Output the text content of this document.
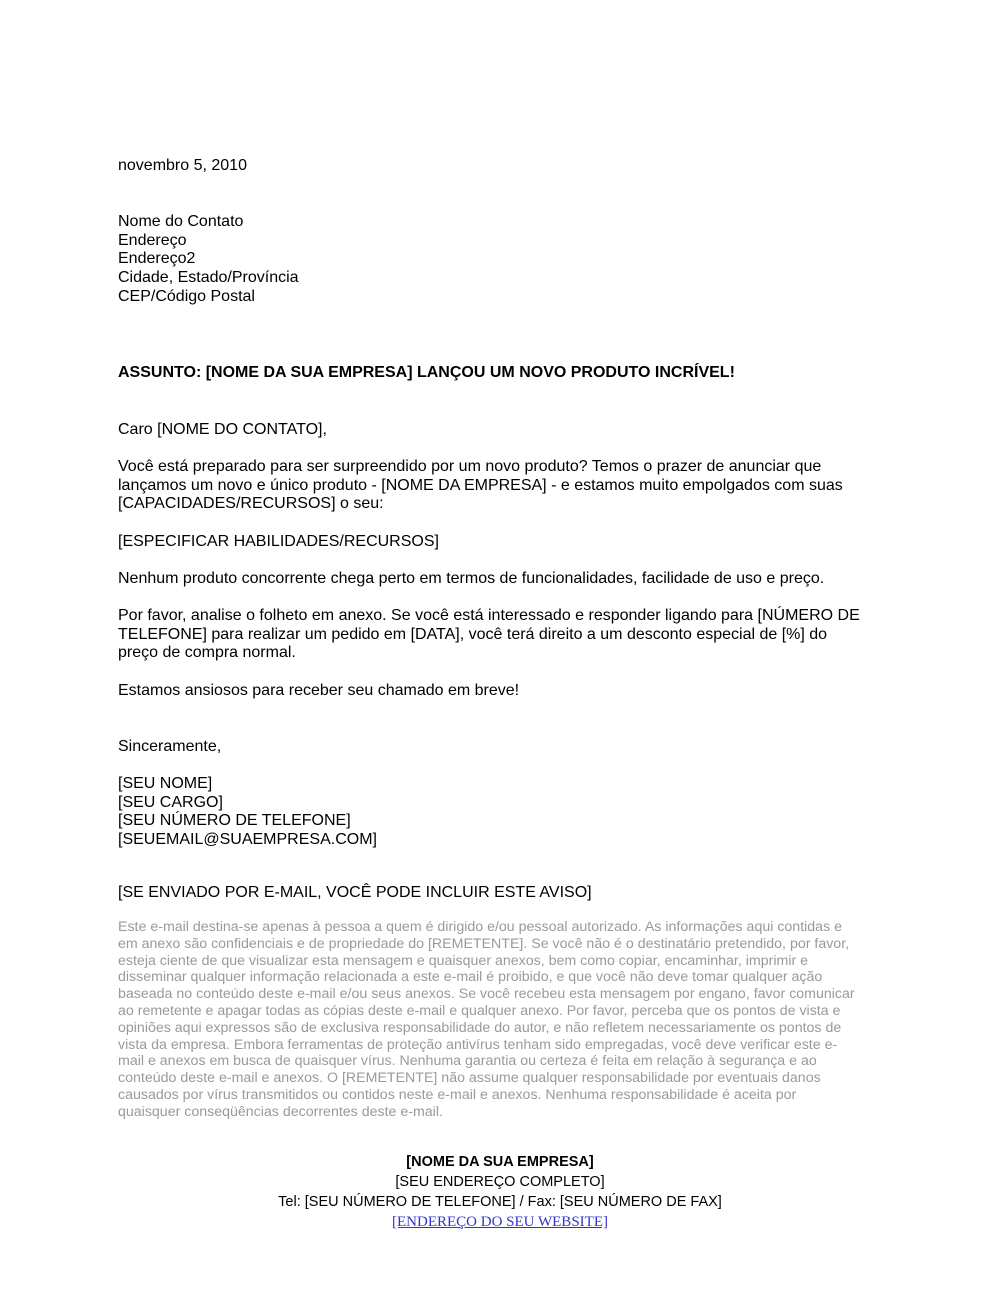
novembro 5, 2010
Nome do Contato
Endereço
Endereço2
Cidade, Estado/Província
CEP/Código Postal
ASSUNTO: [NOME DA SUA EMPRESA] LANÇOU UM NOVO PRODUTO INCRÍVEL!
Caro [NOME DO CONTATO],
Você está preparado para ser surpreendido por um novo produto? Temos o prazer de anunciar que
lançamos um novo e único produto - [NOME DA EMPRESA] - e estamos muito empolgados com suas
[CAPACIDADES/RECURSOS] o seu:
[ESPECIFICAR HABILIDADES/RECURSOS]
Nenhum produto concorrente chega perto em termos de funcionalidades, facilidade de uso e preço.
Por favor, analise o folheto em anexo. Se você está interessado e responder ligando para [NÚMERO DE
TELEFONE] para realizar um pedido em [DATA], você terá direito a um desconto especial de [%] do
preço de compra normal.
Estamos ansiosos para receber seu chamado em breve!
Sinceramente,
[SEU NOME]
[SEU CARGO]
[SEU NÚMERO DE TELEFONE]
[SEUEMAIL@SUAEMPRESA.COM]
[SE ENVIADO POR E-MAIL, VOCÊ PODE INCLUIR ESTE AVISO]
Este e-mail destina-se apenas à pessoa a quem é dirigido e/ou pessoal autorizado. As informações aqui contidas e
em anexo são confidenciais e de propriedade do [REMETENTE]. Se você não é o destinatário pretendido, por favor,
esteja ciente de que visualizar esta mensagem e quaisquer anexos, bem como copiar, encaminhar, imprimir e
disseminar qualquer informação relacionada a este e-mail é proibido, e que você não deve tomar qualquer ação
baseada no conteúdo deste e-mail e/ou seus anexos. Se você recebeu esta mensagem por engano, favor comunicar
ao remetente e apagar todas as cópias deste e-mail e qualquer anexo. Por favor, perceba que os pontos de vista e
opiniões aqui expressos são de exclusiva responsabilidade do autor, e não refletem necessariamente os pontos de
vista da empresa. Embora ferramentas de proteção antivírus tenham sido empregadas, você deve verificar este e-
mail e anexos em busca de quaisquer vírus. Nenhuma garantia ou certeza é feita em relação à segurança e ao
conteúdo deste e-mail e anexos. O [REMETENTE] não assume qualquer responsabilidade por eventuais danos
causados por vírus transmitidos ou contidos neste e-mail e anexos. Nenhuma responsabilidade é aceita por
quaisquer conseqüências decorrentes deste e-mail.
[NOME DA SUA EMPRESA]
[SEU ENDEREÇO COMPLETO]
Tel: [SEU NÚMERO DE TELEFONE] / Fax: [SEU NÚMERO DE FAX]
[ENDEREÇO DO SEU WEBSITE]
